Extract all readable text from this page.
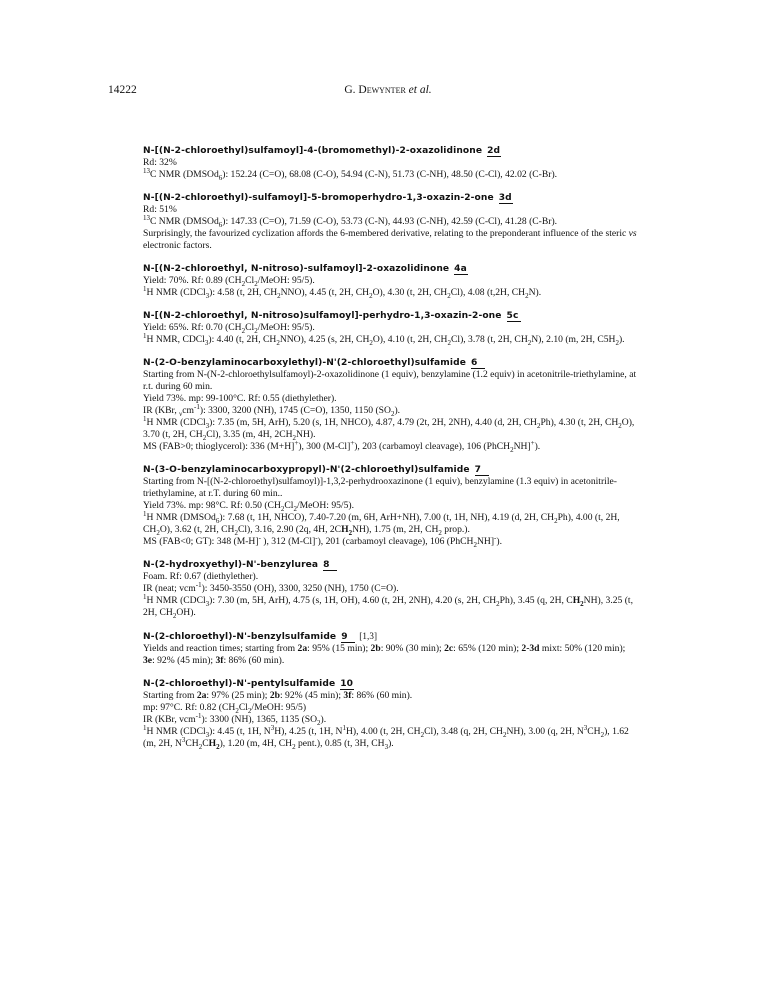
14222	G. Dewynter et al.
N-[(N-2-chloroethyl)sulfamoyl]-4-(bromomethyl)-2-oxazolidinone 2d
Rd: 32%
$^{13}$C NMR (DMSOd$_6$): 152.24 (C=O), 68.08 (C-O), 54.94 (C-N), 51.73 (C-NH), 48.50 (C-Cl), 42.02 (C-Br).
N-[(N-2-chloroethyl)-sulfamoyl]-5-bromoperhydro-1,3-oxazin-2-one 3d
Rd: 51%
$^{13}$C NMR (DMSOd$_6$): 147.33 (C=O), 71.59 (C-O), 53.73 (C-N), 44.93 (C-NH), 42.59 (C-Cl), 41.28 (C-Br).
Surprisingly, the favourized cyclization affords the 6-membered derivative, relating to the preponderant influence of the steric vs electronic factors.
N-[(N-2-chloroethyl, N-nitroso)-sulfamoyl]-2-oxazolidinone 4a
Yield: 70%. Rf: 0.89 ($CH_2Cl_2$/MeOH: 95/5).
$^1$H NMR (CDCl$_3$): 4.58 (t, 2H, $CH_2NNO$), 4.45 (t, 2H, $CH_2O$), 4.30 (t, 2H, $CH_2Cl$), 4.08 (t,2H, $CH_2N$).
N-[(N-2-chloroethyl, N-nitroso)sulfamoyl]-perhydro-1,3-oxazin-2-one 5c
Yield: 65%. Rf: 0.70 ($CH_2Cl_2$/MeOH: 95/5).
$^1$H NMR, CDCl$_3$): 4.40 (t, 2H, $CH_2NNO$), 4.25 (s, 2H, $CH_2O$), 4.10 (t, 2H, $CH_2Cl$), 3.78 (t, 2H, $CH_2N$), 2.10 (m, 2H, $C5H_2$).
N-(2-O-benzylaminocarboxylethyl)-N'(2-chloroethyl)sulfamide 6
Starting from N-(N-2-chloroethylsulfamoyl)-2-oxazolidinone (1 equiv), benzylamine (1.2 equiv) in acetonitrile-triethylamine, at r.t. during 60 min.
Yield 73%. mp: 99-100°C. Rf: 0.55 (diethylether).
IR (KBr, $_\nu cm^{-1}$): 3300, 3200 (NH), 1745 (C=O), 1350, 1150 $(SO_2)$.
$^1$H NMR (CDCl$_3$): 7.35 (m, 5H, ArH), 5.20 (s, 1H, NHCO), 4.87, 4.79 (2t, 2H, 2NH), 4.40 (d, 2H, $CH_2Ph$), 4.30 (t, 2H, $CH_2O$), 3.70 (t, 2H, $CH_2Cl$), 3.35 (m, 4H, $2CH_2NH$).
MS (FAB>0; thioglycerol): 336 (M+H]+), 300 (M-Cl]+), 203 (carbamoyl cleavage), 106 (PhCH$_2$NH]+).
N-(3-O-benzylaminocarboxypropyl)-N'(2-chloroethyl)sulfamide 7
Starting from N-[(N-2-chloroethyl)sulfamoyl)]-1,3,2-perhydrooxazinone (1 equiv), benzylamine (1.3 equiv) in acetonitrile-triethylamine, at r.T. during 60 min..
Yield 73%. mp: 98°C. Rf: 0.50 ($CH_2Cl_2$/MeOH: 95/5).
$^1$H NMR (DMSOd$_6$): 7.68 (t, 1H, NHCO), 7.40-7.20 (m, 6H, ArH+NH), 7.00 (t, 1H, NH), 4.19 (d, 2H, $CH_2Ph$), 4.00 (t, 2H, $CH_2O$), 3.62 (t, 2H, $CH_2Cl$), 3.16, 2.90 (2q, 4H, $2CH_2NH$), 1.75 (m, 2H, $CH_2$ prop.).
MS (FAB<0; GT): 348 (M-H]- ), 312 (M-Cl]-), 201 (carbamoyl cleavage), 106 (PhCH$_2$NH]-).
N-(2-hydroxyethyl)-N'-benzylurea 8
Foam. Rf: 0.67 (diethylether).
IR (neat; vcm$^{-1}$): 3450-3550 (OH), 3300, 3250 (NH), 1750 (C=O).
$^1$H NMR (CDCl$_3$): 7.30 (m, 5H, ArH), 4.75 (s, 1H, OH), 4.60 (t, 2H, 2NH), 4.20 (s, 2H, $CH_2Ph$), 3.45 (q, 2H, $CH_2NH$), 3.25 (t, 2H, $CH_2OH$).
N-(2-chloroethyl)-N'-benzylsulfamide 9 [1,3]
Yields and reaction times; starting from 2a: 95% (15 min); 2b: 90% (30 min); 2c: 65% (120 min); 2-3d mixt: 50% (120 min); 3e: 92% (45 min); 3f: 86% (60 min).
N-(2-chloroethyl)-N'-pentylsulfamide 10
Starting from 2a: 97% (25 min); 2b: 92% (45 min); 3f: 86% (60 min).
mp: 97°C. Rf: 0.82 ($CH_2Cl_2$/MeOH: 95/5)
IR (KBr, vcm$^{-1}$): 3300 (NH), 1365, 1135 $(SO_2)$.
$^1$H NMR (CDCl$_3$): 4.45 (t, 1H, $N^3H$), 4.25 (t, 1H, $N^1H$), 4.00 (t, 2H, $CH_2Cl$), 3.48 (q, 2H, $CH_2NH$), 3.00 (q, 2H, $N^3CH_2$), 1.62 (m, 2H, $N^3CH_2CH_2$), 1.20 (m, 4H, $CH_2$ pent.), 0.85 (t, 3H, $CH_3$).
